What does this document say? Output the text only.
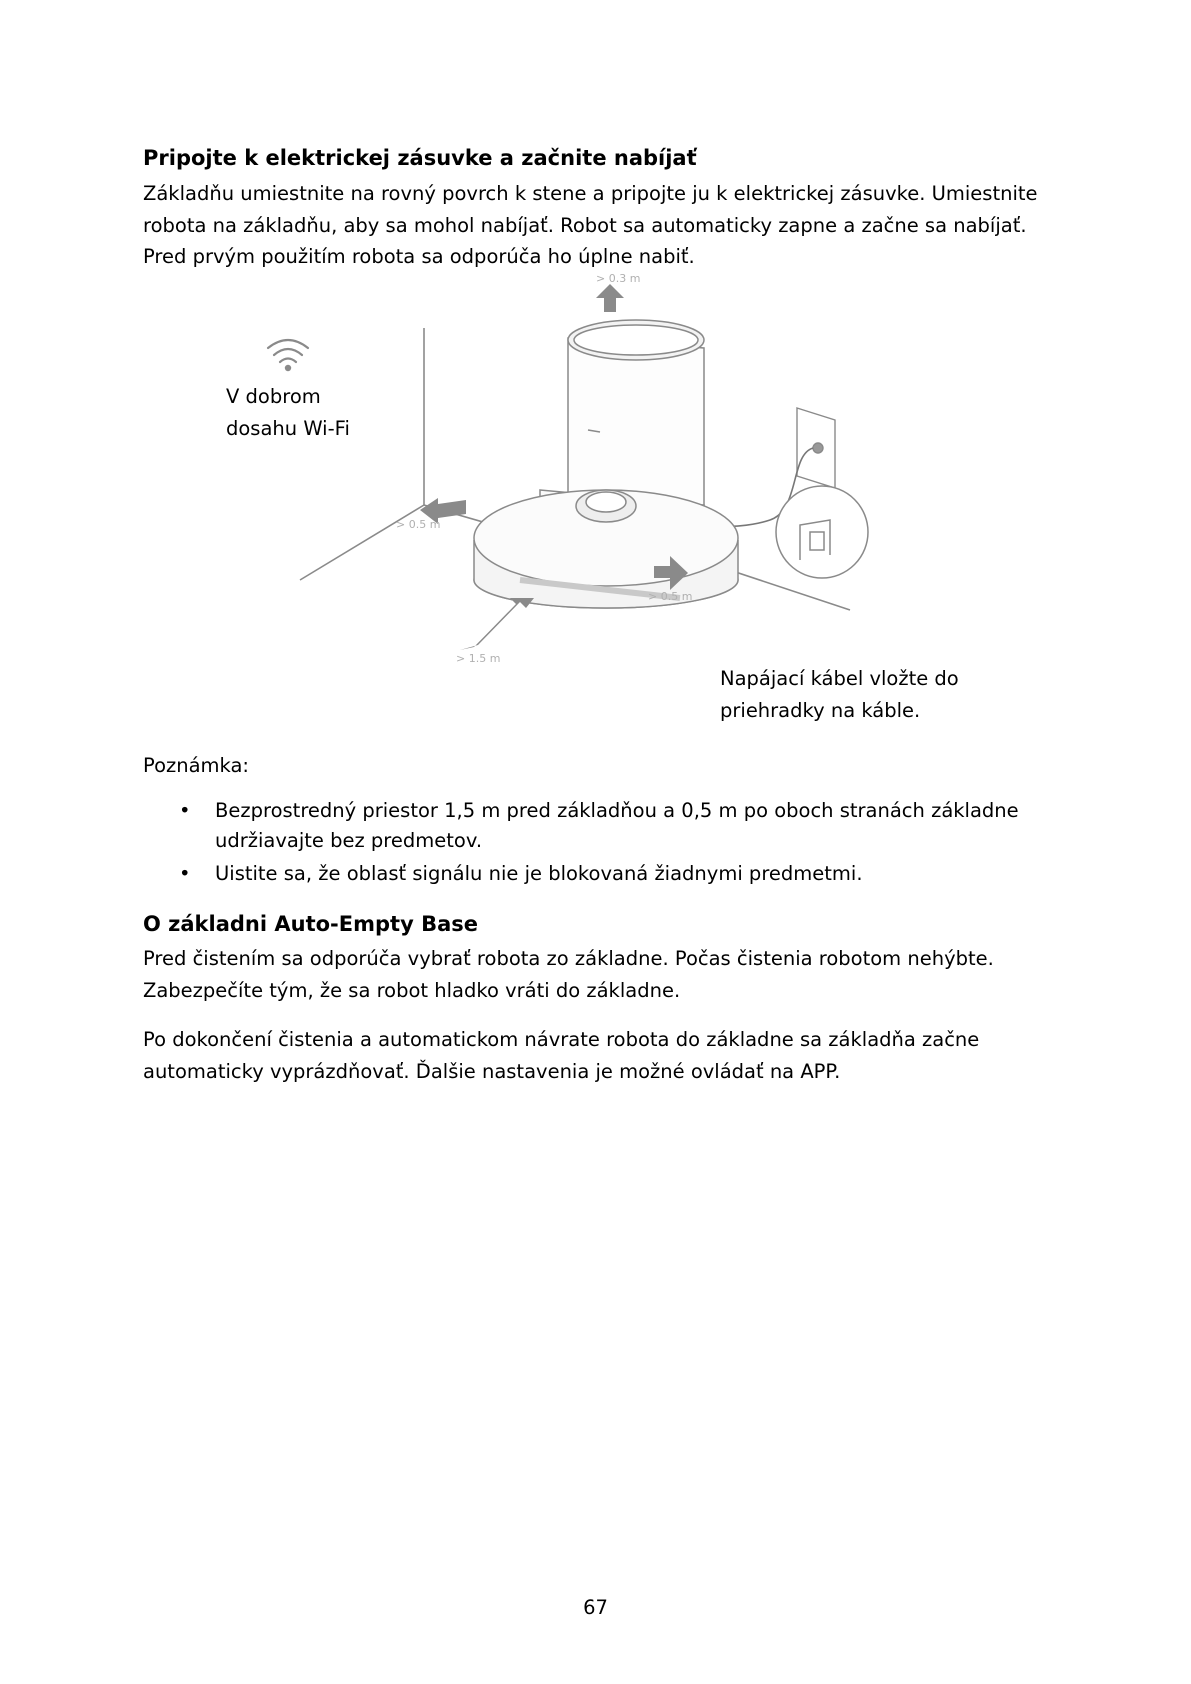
Pripojte k elektrickej zásuvke a začnite nabíjať

Základňu umiestnite na rovný povrch k stene a pripojte ju k elektrickej zásuvke. Umiestnite robota na základňu, aby sa mohol nabíjať. Robot sa automaticky zapne a začne sa nabíjať. Pred prvým použitím robota sa odporúča ho úplne nabiť.

> 0.3 m
> 0.5 m
> 0.5 m
> 1.5 m
V dobrom dosahu Wi-Fi
Napájací kábel vložte do priehradky na káble.

Poznámka:

• Bezprostredný priestor 1,5 m pred základňou a 0,5 m po oboch stranách základne udržiavajte bez predmetov.
• Uistite sa, že oblasť signálu nie je blokovaná žiadnymi predmetmi.
O základni Auto-Empty Base

Pred čistením sa odporúča vybrať robota zo základne. Počas čistenia robotom nehýbte. Zabezpečíte tým, že sa robot hladko vráti do základne.

Po dokončení čistenia a automatickom návrate robota do základne sa základňa začne automaticky vyprázdňovať. Ďalšie nastavenia je možné ovládať na APP.

67
